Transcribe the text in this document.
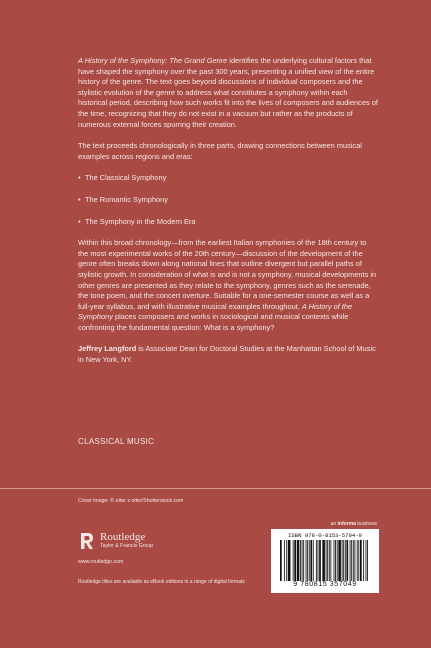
A History of the Symphony: The Grand Genre identifies the underlying cultural factors that have shaped the symphony over the past 300 years, presenting a unified view of the entire history of the genre. The text goes beyond discussions of individual composers and the stylistic evolution of the genre to address what constitutes a symphony within each historical period, describing how such works fit into the lives of composers and audiences of the time, recognizing that they do not exist in a vacuum but rather as the products of numerous external forces spurring their creation.

The text proceeds chronologically in three parts, drawing connections between musical examples across regions and eras:

• The Classical Symphony
• The Romantic Symphony
• The Symphony in the Modern Era

Within this broad chronology—from the earliest Italian symphonies of the 18th century to the most experimental works of the 20th century—discussion of the development of the genre often breaks down along national lines that outline divergent but parallel paths of stylistic growth. In consideration of what is and is not a symphony, musical developments in other genres are presented as they relate to the symphony, genres such as the serenade, the tone poem, and the concert overture. Suitable for a one-semester course as well as a full-year syllabus, and with illustrative musical examples throughout, A History of the Symphony places composers and works in sociological and musical contexts while confronting the fundamental question: What is a symphony?

Jeffrey Langford is Associate Dean for Doctoral Studies at the Manhattan School of Music in New York, NY.

CLASSICAL MUSIC
Cover image: © otter x otter/Shutterstock.com
an informa business
Routledge
Taylor & Francis Group
www.routledge.com
Routledge titles are available as eBook editions in a range of digital formats
ISBN 978-0-8153-5704-9
9 780815 357049
